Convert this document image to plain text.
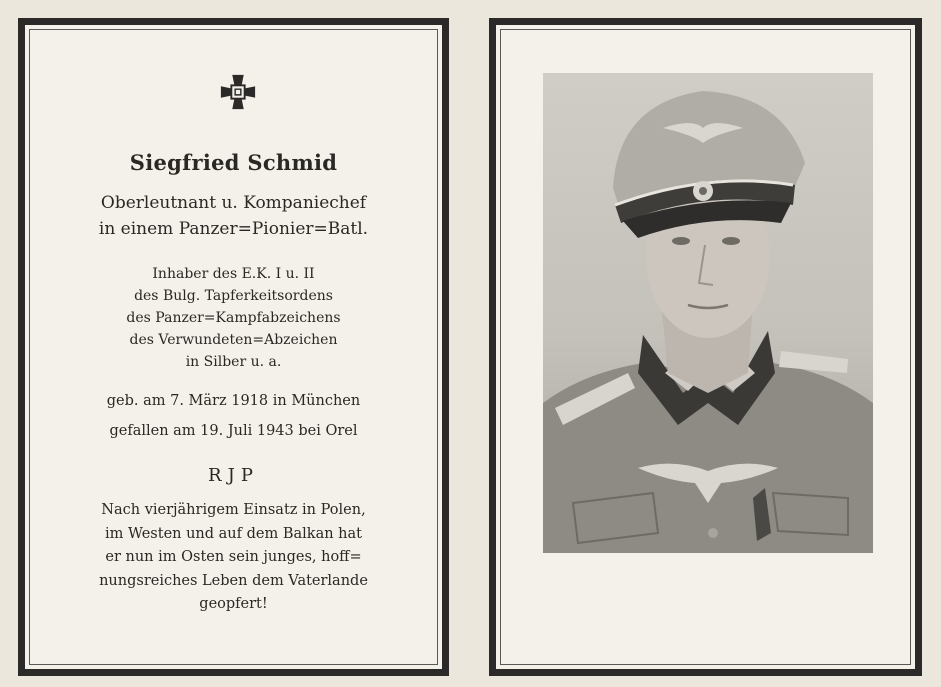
Siegfried Schmid
Oberleutnant u. Kompaniechef
in einem Panzer=Pionier=Batl.
Inhaber des E.K. I u. II
des Bulg. Tapferkeitsordens
des Panzer=Kampfabzeichens
des Verwundeten=Abzeichen
in Silber u. a.
geb. am 7. März 1918 in München
gefallen am 19. Juli 1943 bei Orel
RJP
Nach vierjährigem Einsatz in Polen,
im Westen und auf dem Balkan hat
er nun im Osten sein junges, hoff=
nungsreiches Leben dem Vaterlande
geopfert!
